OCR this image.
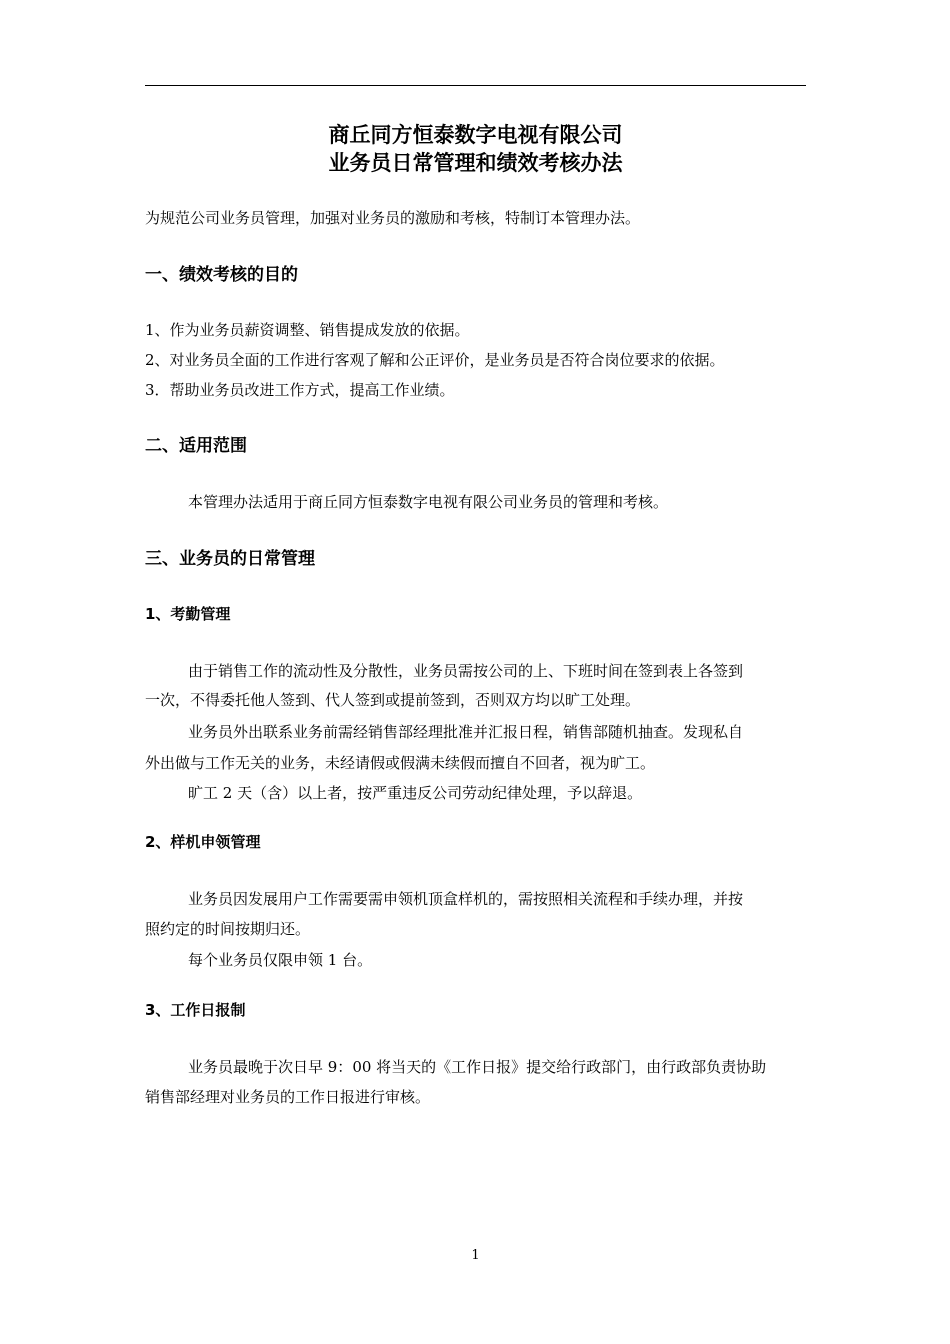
商丘同方恒泰数字电视有限公司
业务员日常管理和绩效考核办法
为规范公司业务员管理，加强对业务员的激励和考核，特制订本管理办法。
一、绩效考核的目的
1、作为业务员薪资调整、销售提成发放的依据。
2、对业务员全面的工作进行客观了解和公正评价，是业务员是否符合岗位要求的依据。
3．帮助业务员改进工作方式，提高工作业绩。
二、适用范围
本管理办法适用于商丘同方恒泰数字电视有限公司业务员的管理和考核。
三、业务员的日常管理
1、考勤管理
由于销售工作的流动性及分散性，业务员需按公司的上、下班时间在签到表上各签到
一次，不得委托他人签到、代人签到或提前签到，否则双方均以旷工处理。
业务员外出联系业务前需经销售部经理批准并汇报日程，销售部随机抽查。发现私自
外出做与工作无关的业务，未经请假或假满未续假而擅自不回者，视为旷工。
旷工 2 天（含）以上者，按严重违反公司劳动纪律处理，予以辞退。
2、样机申领管理
业务员因发展用户工作需要需申领机顶盒样机的，需按照相关流程和手续办理，并按
照约定的时间按期归还。
每个业务员仅限申领 1 台。
3、工作日报制
业务员最晚于次日早 9：00 将当天的《工作日报》提交给行政部门，由行政部负责协助
销售部经理对业务员的工作日报进行审核。
1
